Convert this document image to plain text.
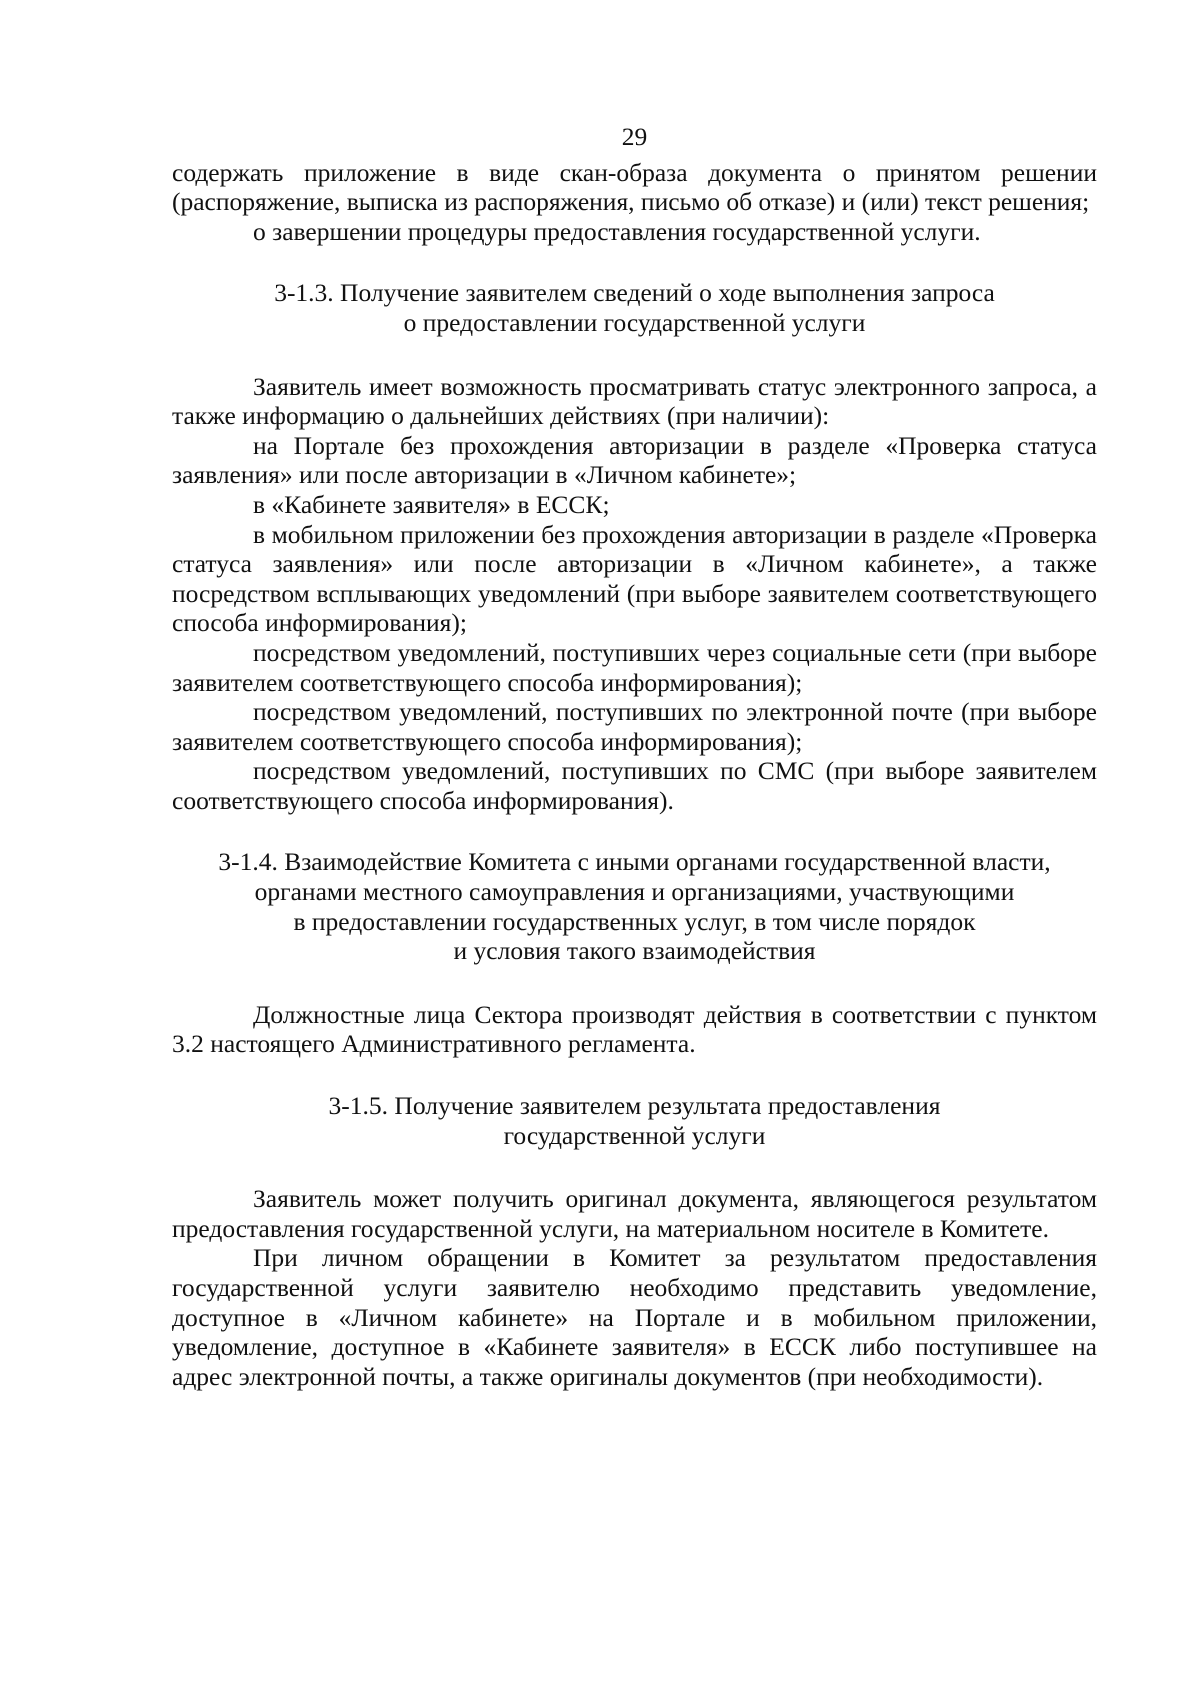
29

содержать приложение в виде скан-образа документа о принятом решении (распоряжение, выписка из распоряжения, письмо об отказе) и (или) текст решения;

о завершении процедуры предоставления государственной услуги.

3-1.3. Получение заявителем сведений о ходе выполнения запроса
о предоставлении государственной услуги

Заявитель имеет возможность просматривать статус электронного запроса, а также информацию о дальнейших действиях (при наличии):

на Портале без прохождения авторизации в разделе «Проверка статуса заявления» или после авторизации в «Личном кабинете»;

в «Кабинете заявителя» в ЕССК;

в мобильном приложении без прохождения авторизации в разделе «Проверка статуса заявления» или после авторизации в «Личном кабинете», а также посредством всплывающих уведомлений (при выборе заявителем соответствующего способа информирования);

посредством уведомлений, поступивших через социальные сети (при выборе заявителем соответствующего способа информирования);

посредством уведомлений, поступивших по электронной почте (при выборе заявителем соответствующего способа информирования);

посредством уведомлений, поступивших по СМС (при выборе заявителем соответствующего способа информирования).

3-1.4. Взаимодействие Комитета с иными органами государственной власти,
органами местного самоуправления и организациями, участвующими
в предоставлении государственных услуг, в том числе порядок
и условия такого взаимодействия

Должностные лица Сектора производят действия в соответствии с пунктом 3.2 настоящего Административного регламента.

3-1.5. Получение заявителем результата предоставления
государственной услуги

Заявитель может получить оригинал документа, являющегося результатом предоставления государственной услуги, на материальном носителе в Комитете.

При личном обращении в Комитет за результатом предоставления государственной услуги заявителю необходимо представить уведомление, доступное в «Личном кабинете» на Портале и в мобильном приложении, уведомление, доступное в «Кабинете заявителя» в ЕССК либо поступившее на адрес электронной почты, а также оригиналы документов (при необходимости).
